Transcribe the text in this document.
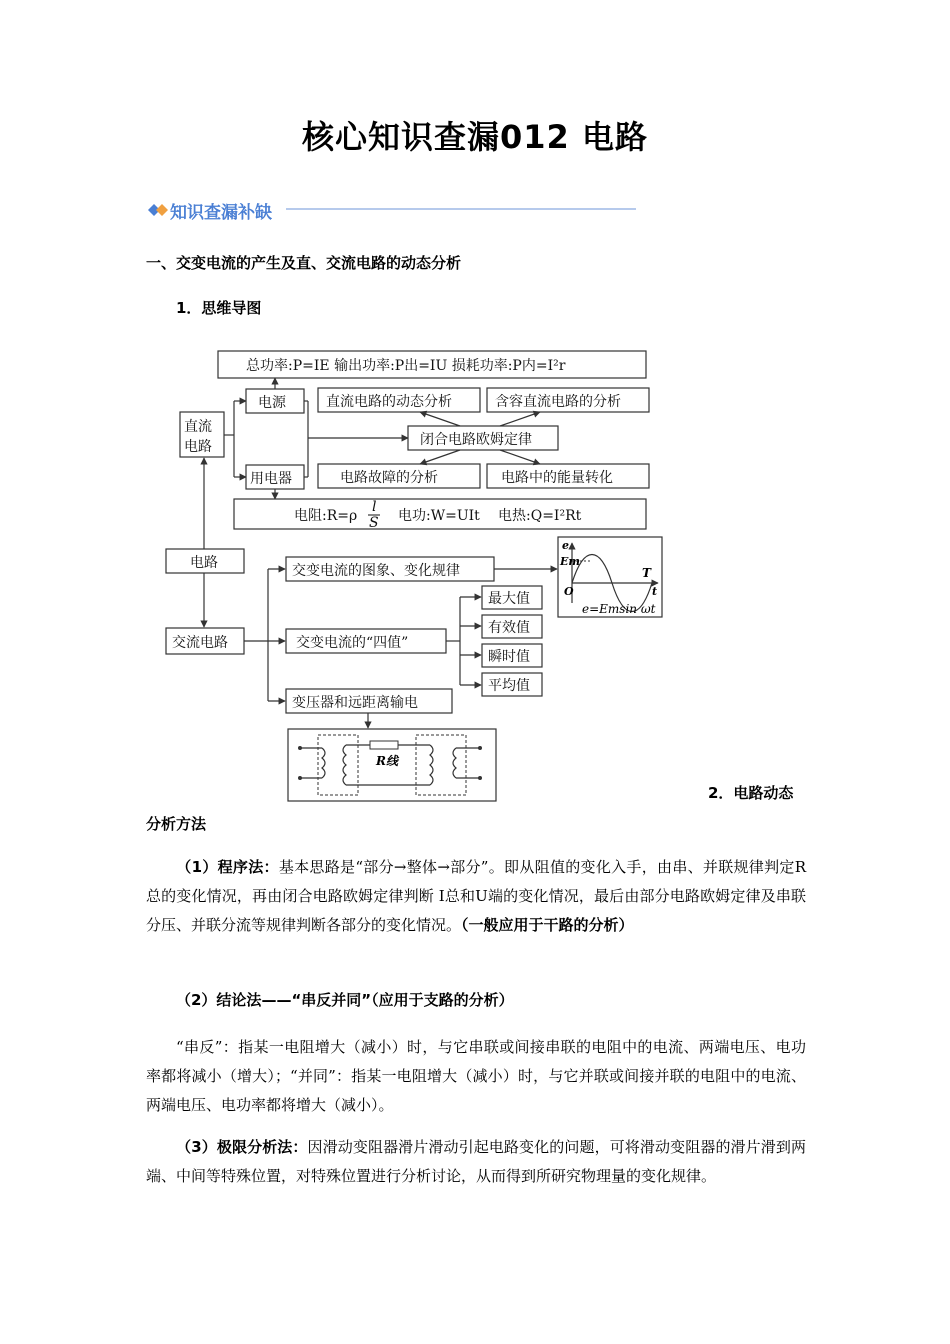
核心知识查漏012 电路
知识查漏补缺
一、交变电流的产生及直、交流电路的动态分析
1．思维导图
总功率:P=IE 输出功率:P出=IU 损耗功率:P内=I²r
直流
电路
电源
用电器
直流电路的动态分析	含容直流电路的分析
闭合电路欧姆定律
电路故障的分析	电路中的能量转化
电阻:R=ρ
l
S 电功:W=UIt 电热:Q=I²Rt
电路
交流电路
交变电流的图象、变化规律
交变电流的“四值”
最大值
有效值
瞬时值
平均值
变压器和远距离输电
e
Em
O
T
t
e=Emsin ωt
R线
2．电路动态
分析方法
（1）程序法：基本思路是“部分→整体→部分”。即从阻值的变化入手，由串、并联规律判定R总的变化情况，再由闭合电路欧姆定律判断 I总和U端的变化情况，最后由部分电路欧姆定律及串联分压、并联分流等规律判断各部分的变化情况。（一般应用于干路的分析）
（2）结论法——“串反并同”（应用于支路的分析）
“串反”：指某一电阻增大（减小）时，与它串联或间接串联的电阻中的电流、两端电压、电功率都将减小（增大）；“并同”：指某一电阻增大（减小）时，与它并联或间接并联的电阻中的电流、两端电压、电功率都将增大（减小）。
（3）极限分析法：因滑动变阻器滑片滑动引起电路变化的问题，可将滑动变阻器的滑片滑到两端、中间等特殊位置，对特殊位置进行分析讨论，从而得到所研究物理量的变化规律。
